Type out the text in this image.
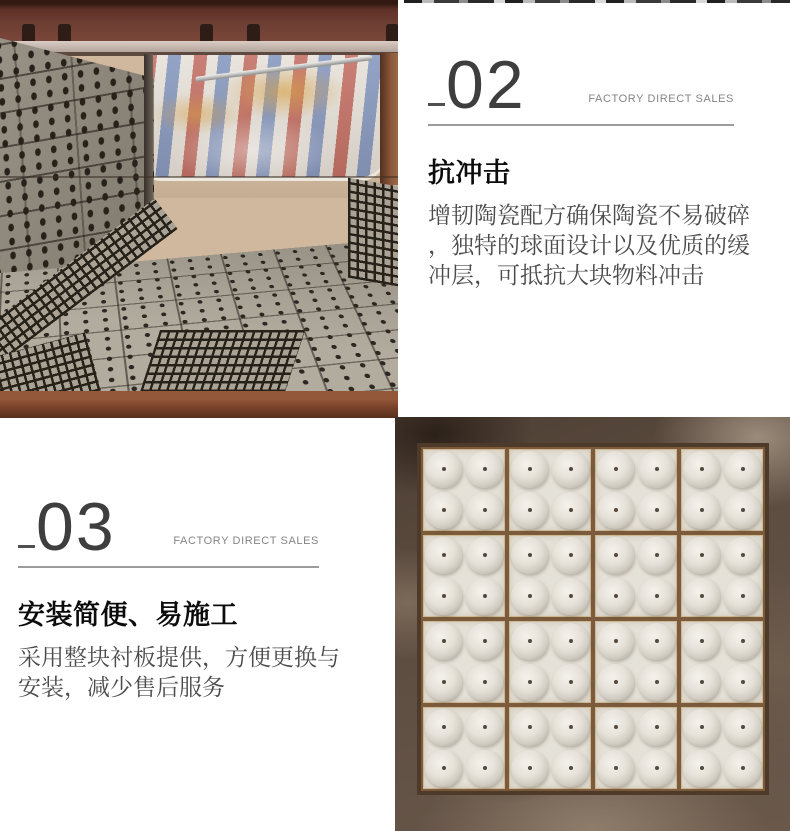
02	FACTORY DIRECT SALES
抗冲击
增韧陶瓷配方确保陶瓷不易破碎，独特的球面设计以及优质的缓冲层，可抵抗大块物料冲击
03	FACTORY DIRECT SALES
安装简便、易施工
采用整块衬板提供，方便更换与安装，减少售后服务
